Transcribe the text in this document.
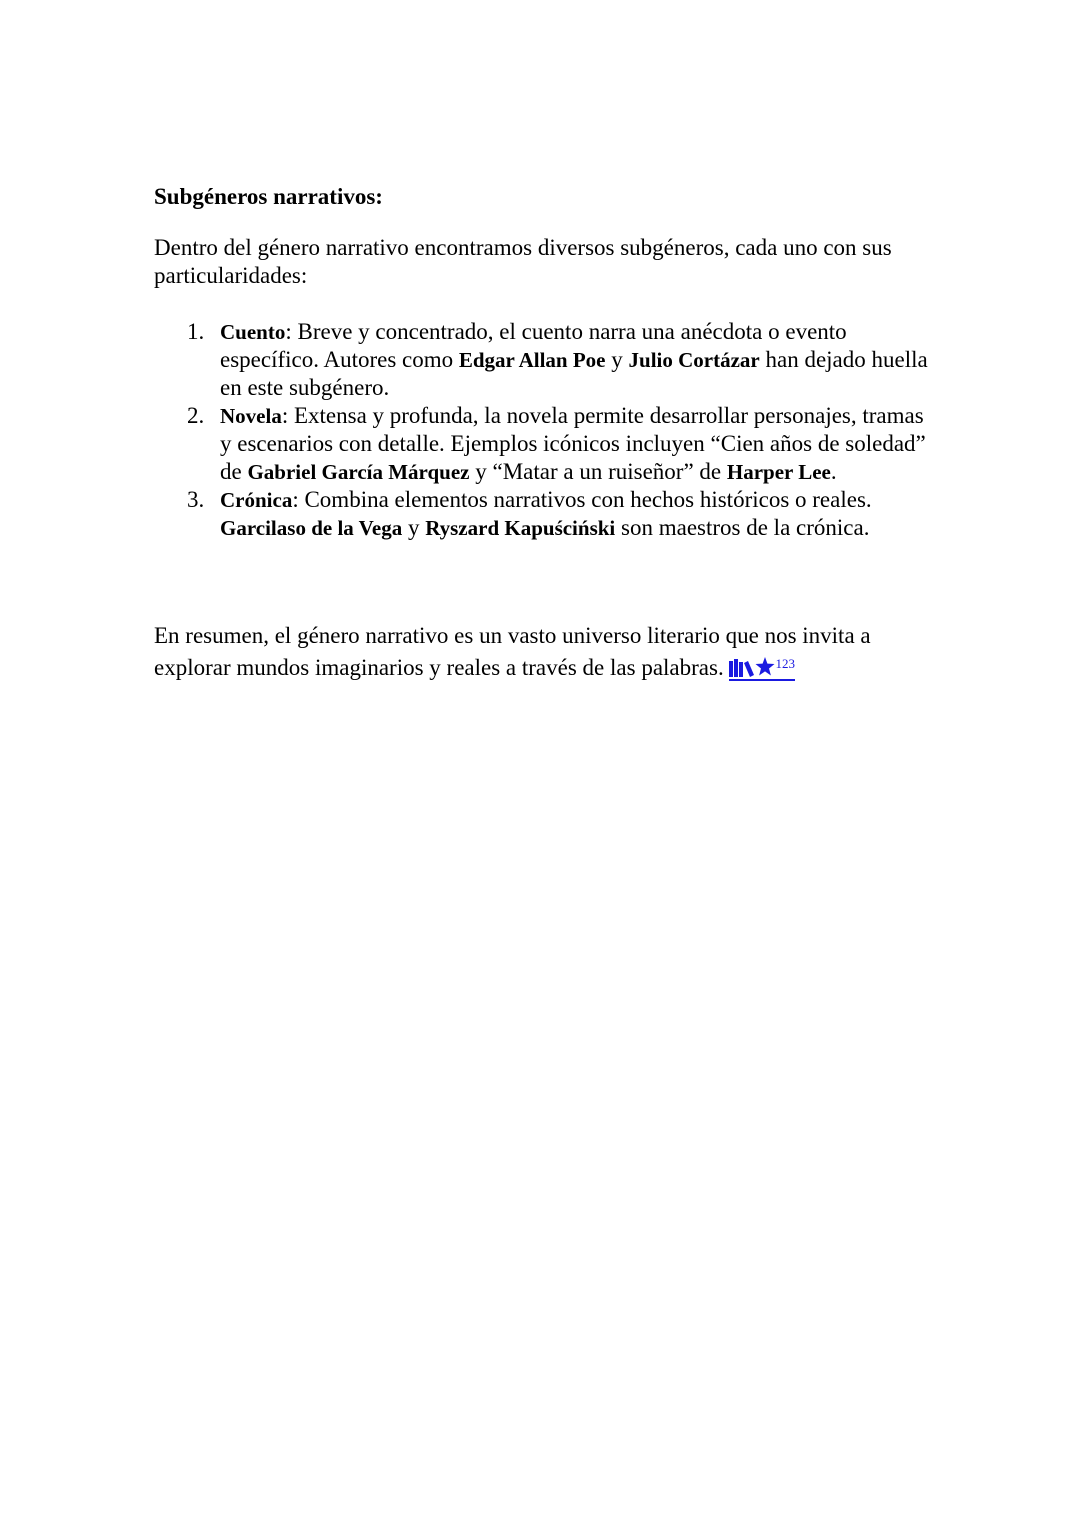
Subgéneros narrativos:

Dentro del género narrativo encontramos diversos subgéneros, cada uno con sus particularidades:

1. Cuento: Breve y concentrado, el cuento narra una anécdota o evento específico. Autores como Edgar Allan Poe y Julio Cortázar han dejado huella en este subgénero.
2. Novela: Extensa y profunda, la novela permite desarrollar personajes, tramas y escenarios con detalle. Ejemplos icónicos incluyen “Cien años de soledad” de Gabriel García Márquez y “Matar a un ruiseñor” de Harper Lee.
3. Crónica: Combina elementos narrativos con hechos históricos o reales. Garcilaso de la Vega y Ryszard Kapuściński son maestros de la crónica.

En resumen, el género narrativo es un vasto universo literario que nos invita a explorar mundos imaginarios y reales a través de las palabras.	$^{123}$
